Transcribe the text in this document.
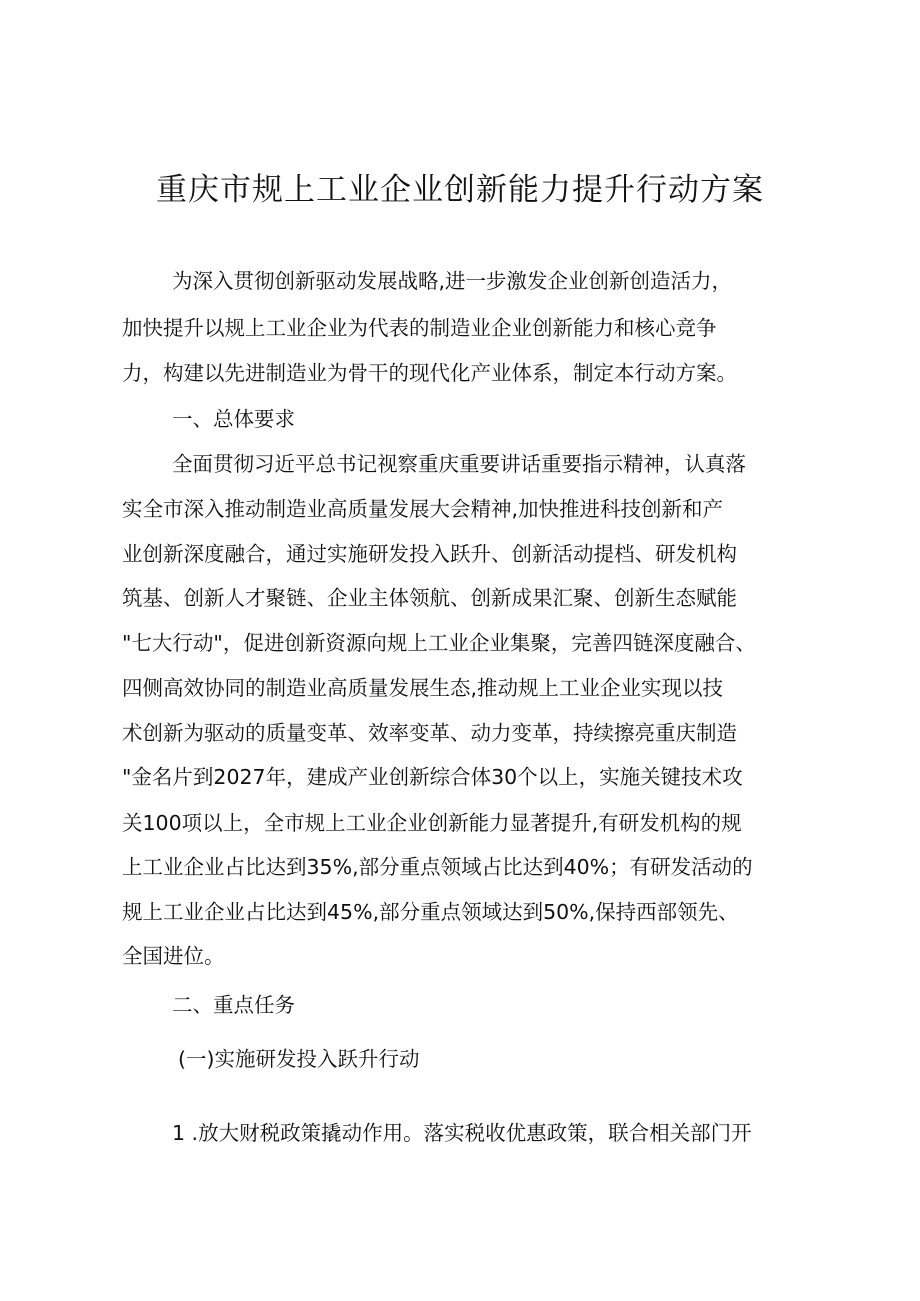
重庆市规上工业企业创新能力提升行动方案

为深入贯彻创新驱动发展战略,进一步激发企业创新创造活力，

加快提升以规上工业企业为代表的制造业企业创新能力和核心竞争

力，构建以先进制造业为骨干的现代化产业体系，制定本行动方案。

一、总体要求

全面贯彻习近平总书记视察重庆重要讲话重要指示精神，认真落

实全市深入推动制造业高质量发展大会精神,加快推进科技创新和产

业创新深度融合，通过实施研发投入跃升、创新活动提档、研发机构

筑基、创新人才聚链、企业主体领航、创新成果汇聚、创新生态赋能

"七大行动"，促进创新资源向规上工业企业集聚，完善四链深度融合、

四侧高效协同的制造业高质量发展生态,推动规上工业企业实现以技

术创新为驱动的质量变革、效率变革、动力变革，持续擦亮重庆制造

"金名片到2027年，建成产业创新综合体30个以上，实施关键技术攻

关100项以上，全市规上工业企业创新能力显著提升,有研发机构的规

上工业企业占比达到35%,部分重点领域占比达到40%；有研发活动的

规上工业企业占比达到45%,部分重点领域达到50%,保持西部领先、

全国进位。

二、重点任务

(一)实施研发投入跃升行动

1 .放大财税政策撬动作用。落实税收优惠政策，联合相关部门开
